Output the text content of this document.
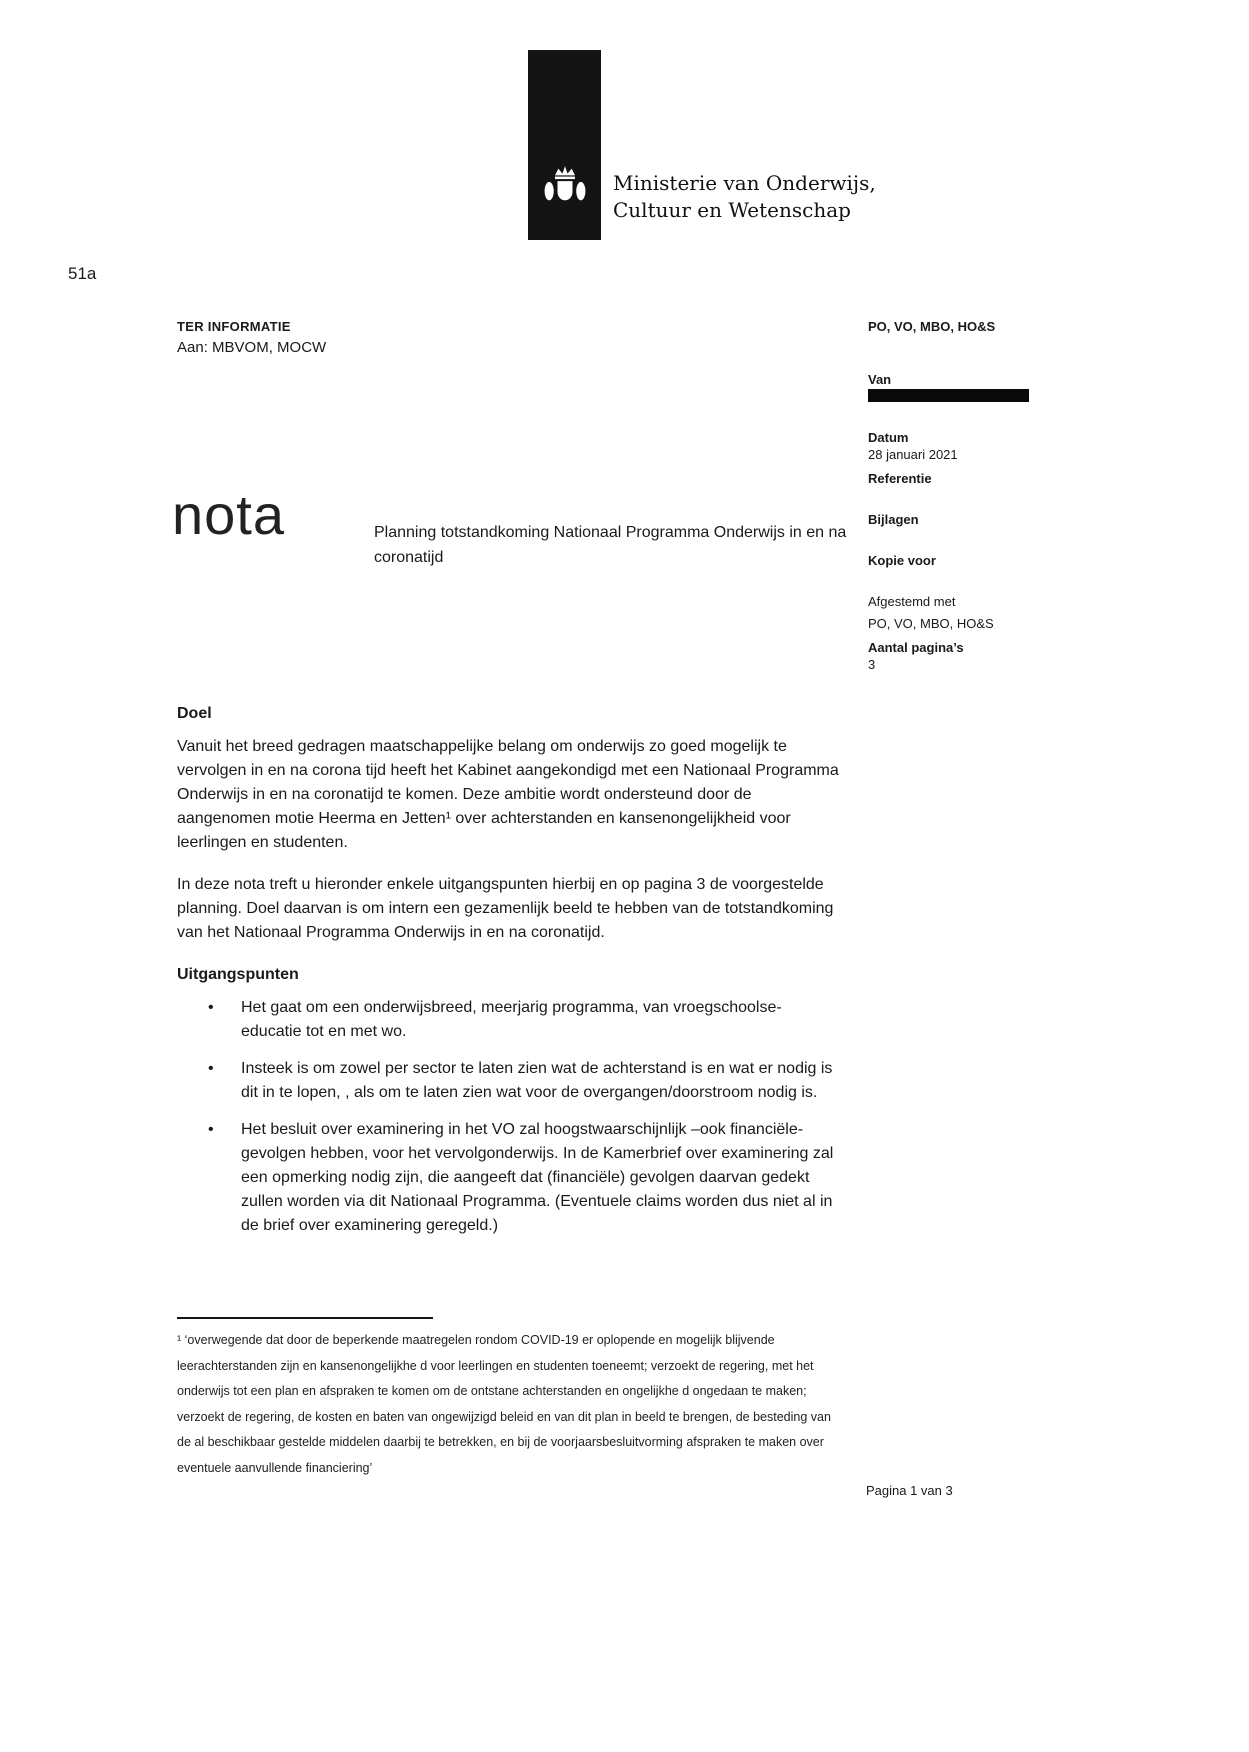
Ministerie van Onderwijs, Cultuur en Wetenschap
51a
TER INFORMATIE
Aan: MBVOM, MOCW
PO, VO, MBO, HO&S
Van
Datum
28 januari 2021
Referentie
Bijlagen
Kopie voor
Afgestemd met
PO, VO, MBO, HO&S
Aantal pagina’s
3
nota	Planning totstandkoming Nationaal Programma Onderwijs in en na coronatijd
Doel

Vanuit het breed gedragen maatschappelijke belang om onderwijs zo goed mogelijk te vervolgen in en na corona tijd heeft het Kabinet aangekondigd met een Nationaal Programma Onderwijs in en na coronatijd te komen. Deze ambitie wordt ondersteund door de aangenomen motie Heerma en Jetten¹ over achterstanden en kansenongelijkheid voor leerlingen en studenten.

In deze nota treft u hieronder enkele uitgangspunten hierbij en op pagina 3 de voorgestelde planning. Doel daarvan is om intern een gezamenlijk beeld te hebben van de totstandkoming van het Nationaal Programma Onderwijs in en na coronatijd.

Uitgangspunten
• Het gaat om een onderwijsbreed, meerjarig programma, van vroegschoolse- educatie tot en met wo.
• Insteek is om zowel per sector te laten zien wat de achterstand is en wat er nodig is dit in te lopen, , als om te laten zien wat voor de overgangen/doorstroom nodig is.
• Het besluit over examinering in het VO zal hoogstwaarschijnlijk –ook financiële- gevolgen hebben, voor het vervolgonderwijs. In de Kamerbrief over examinering zal een opmerking nodig zijn, die aangeeft dat (financiële) gevolgen daarvan gedekt zullen worden via dit Nationaal Programma. (Eventuele claims worden dus niet al in de brief over examinering geregeld.)
¹ ‘overwegende dat door de beperkende maatregelen rondom COVID-19 er oplopende en mogelijk blijvende leerachterstanden zijn en kansenongelijkhe d voor leerlingen en studenten toeneemt; verzoekt de regering, met het onderwijs tot een plan en afspraken te komen om de ontstane achterstanden en ongelijkhe d ongedaan te maken; verzoekt de regering, de kosten en baten van ongewijzigd beleid en van dit plan in beeld te brengen, de besteding van de al beschikbaar gestelde middelen daarbij te betrekken, en bij de voorjaarsbesluitvorming afspraken te maken over eventuele aanvullende financiering’
Pagina 1 van 3
